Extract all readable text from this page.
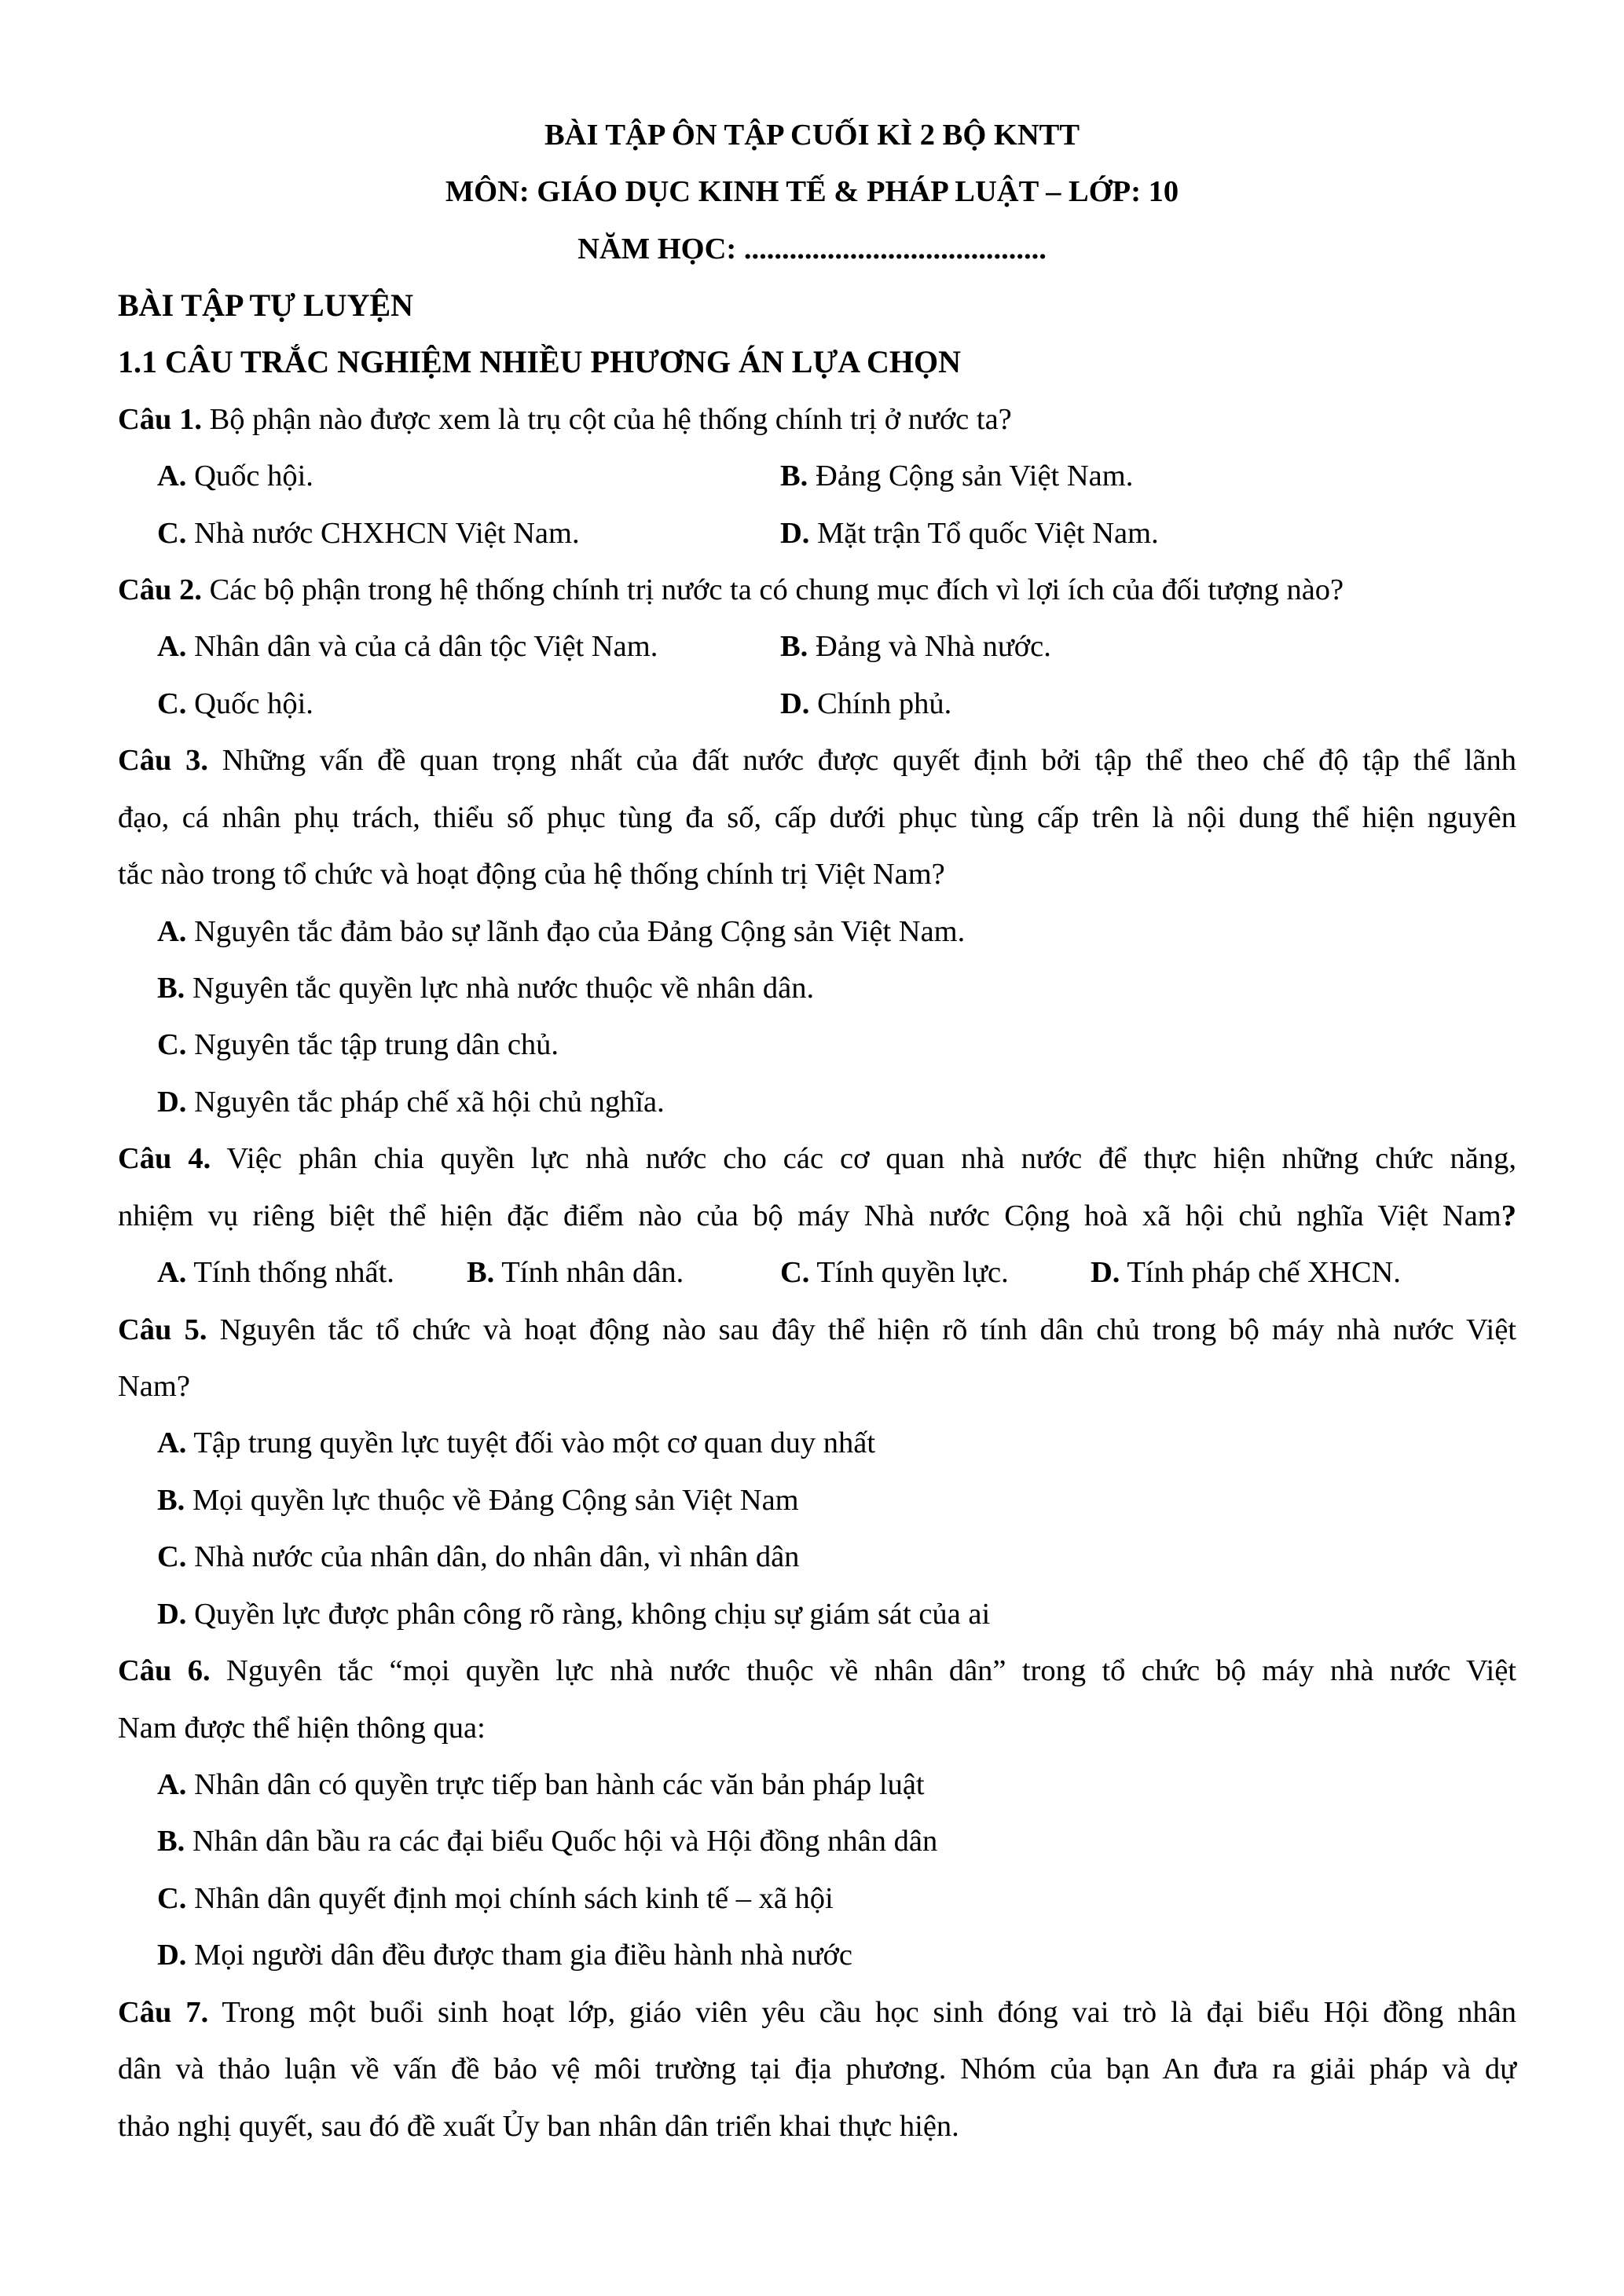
BÀI TẬP ÔN TẬP CUỐI KÌ 2 BỘ KNTT
MÔN: GIÁO DỤC KINH TẾ & PHÁP LUẬT – LỚP: 10
NĂM HỌC: ........................................
BÀI TẬP TỰ LUYỆN
1.1 CÂU TRẮC NGHIỆM NHIỀU PHƯƠNG ÁN LỰA CHỌN
Câu 1. Bộ phận nào được xem là trụ cột của hệ thống chính trị ở nước ta?
A. Quốc hội.	B. Đảng Cộng sản Việt Nam.
C. Nhà nước CHXHCN Việt Nam.	D. Mặt trận Tổ quốc Việt Nam.
Câu 2. Các bộ phận trong hệ thống chính trị nước ta có chung mục đích vì lợi ích của đối tượng nào?
A. Nhân dân và của cả dân tộc Việt Nam.	B. Đảng và Nhà nước.
C. Quốc hội.	D. Chính phủ.
Câu 3. Những vấn đề quan trọng nhất của đất nước được quyết định bởi tập thể theo chế độ tập thể lãnh
đạo, cá nhân phụ trách, thiểu số phục tùng đa số, cấp dưới phục tùng cấp trên là nội dung thể hiện nguyên
tắc nào trong tổ chức và hoạt động của hệ thống chính trị Việt Nam?
A. Nguyên tắc đảm bảo sự lãnh đạo của Đảng Cộng sản Việt Nam.
B. Nguyên tắc quyền lực nhà nước thuộc về nhân dân.
C. Nguyên tắc tập trung dân chủ.
D. Nguyên tắc pháp chế xã hội chủ nghĩa.
Câu 4. Việc phân chia quyền lực nhà nước cho các cơ quan nhà nước để thực hiện những chức năng,
nhiệm vụ riêng biệt thể hiện đặc điểm nào của bộ máy Nhà nước Cộng hoà xã hội chủ nghĩa Việt Nam?
A. Tính thống nhất. B. Tính nhân dân.	C. Tính quyền lực.	D. Tính pháp chế XHCN.
Câu 5. Nguyên tắc tổ chức và hoạt động nào sau đây thể hiện rõ tính dân chủ trong bộ máy nhà nước Việt
Nam?
A. Tập trung quyền lực tuyệt đối vào một cơ quan duy nhất
B. Mọi quyền lực thuộc về Đảng Cộng sản Việt Nam
C. Nhà nước của nhân dân, do nhân dân, vì nhân dân
D. Quyền lực được phân công rõ ràng, không chịu sự giám sát của ai
Câu 6. Nguyên tắc “mọi quyền lực nhà nước thuộc về nhân dân” trong tổ chức bộ máy nhà nước Việt
Nam được thể hiện thông qua:
A. Nhân dân có quyền trực tiếp ban hành các văn bản pháp luật
B. Nhân dân bầu ra các đại biểu Quốc hội và Hội đồng nhân dân
C. Nhân dân quyết định mọi chính sách kinh tế – xã hội
D. Mọi người dân đều được tham gia điều hành nhà nước
Câu 7. Trong một buổi sinh hoạt lớp, giáo viên yêu cầu học sinh đóng vai trò là đại biểu Hội đồng nhân
dân và thảo luận về vấn đề bảo vệ môi trường tại địa phương. Nhóm của bạn An đưa ra giải pháp và dự
thảo nghị quyết, sau đó đề xuất Ủy ban nhân dân triển khai thực hiện.
